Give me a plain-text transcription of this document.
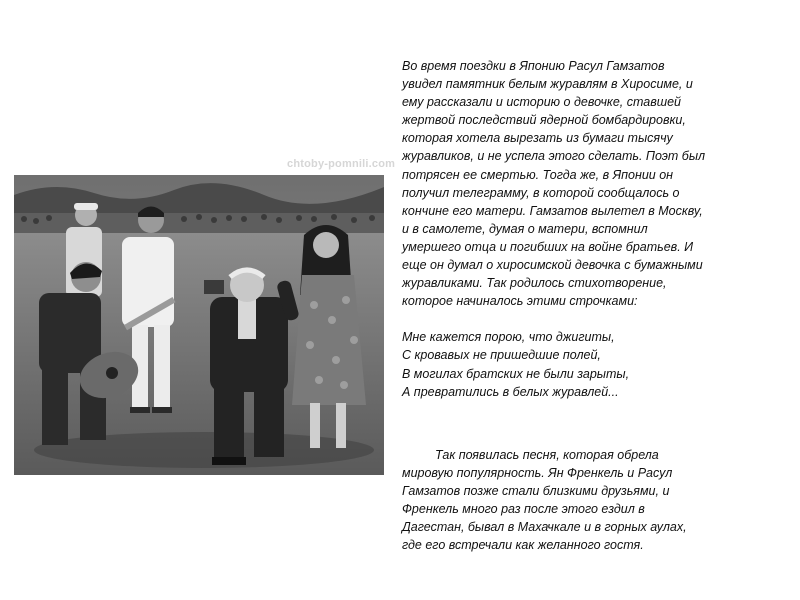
chtoby-pomnili.com
Во время поездки в Японию Расул Гамзатов
увидел памятник белым журавлям в Хиросиме, и
ему рассказали и историю о девочке, ставшей
жертвой последствий ядерной бомбардировки,
которая хотела вырезать из бумаги тысячу
журавликов, и не успела этого сделать. Поэт был
потрясен ее смертью. Тогда же, в Японии он
получил телеграмму, в которой сообщалось о
кончине его матери. Гамзатов вылетел в Москву,
и в самолете, думая о матери, вспомнил
умершего отца и погибших на войне братьев. И
еще он думал о хиросимской девочка с бумажными
журавликами. Так родилось стихотворение,
которое начиналось этими строчками:
Мне кажется порою, что джигиты,
С кровавых не пришедшие полей,
В могилах братских не были зарыты,
А превратились в белых журавлей...
Так появилась песня, которая обрела
мировую популярность. Ян Френкель и Расул
Гамзатов позже стали близкими друзьями, и
Френкель много раз после этого ездил в
Дагестан, бывал в Махачкале и в горных аулах,
где его встречали как желанного гостя.
